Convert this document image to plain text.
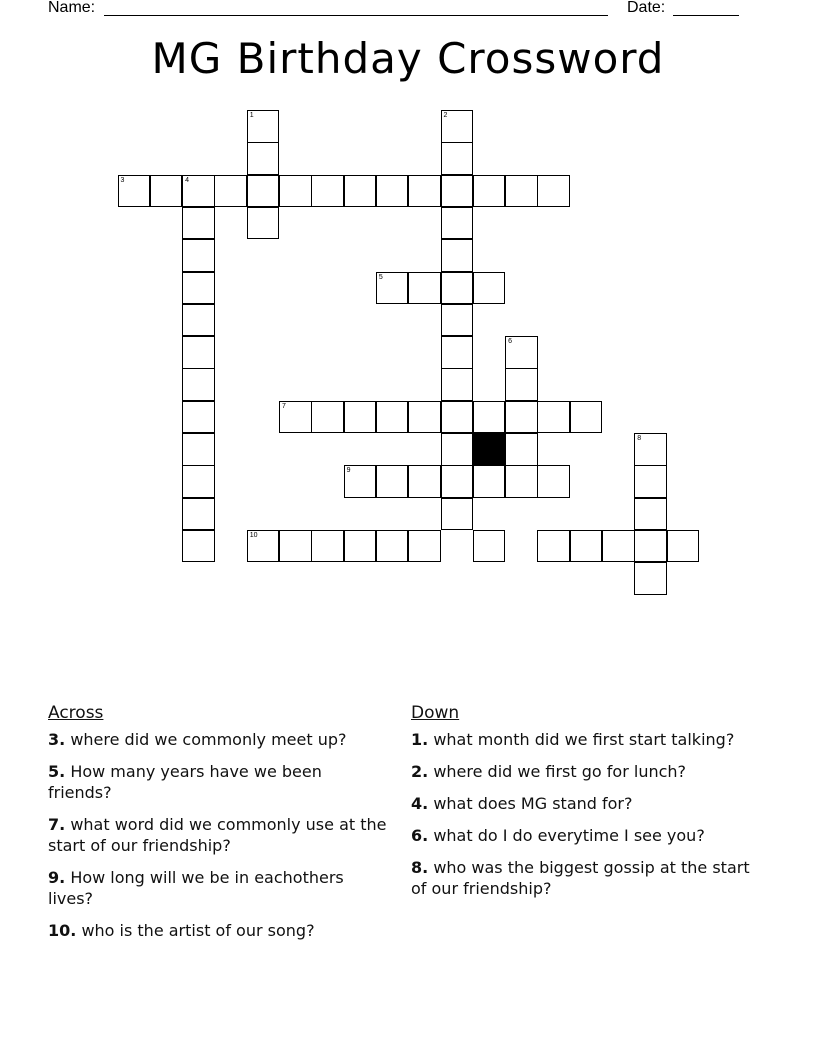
Name:	Date:
MG Birthday Crossword
1	2
3	4
5
6
7
8
9
10
Across
3. where did we commonly meet up?
5. How many years have we been friends?
7. what word did we commonly use at the start of our friendship?
9. How long will we be in eachothers lives?
10. who is the artist of our song?
Down
1. what month did we first start talking?
2. where did we first go for lunch?
4. what does MG stand for?
6. what do I do everytime I see you?
8. who was the biggest gossip at the start of our friendship?
